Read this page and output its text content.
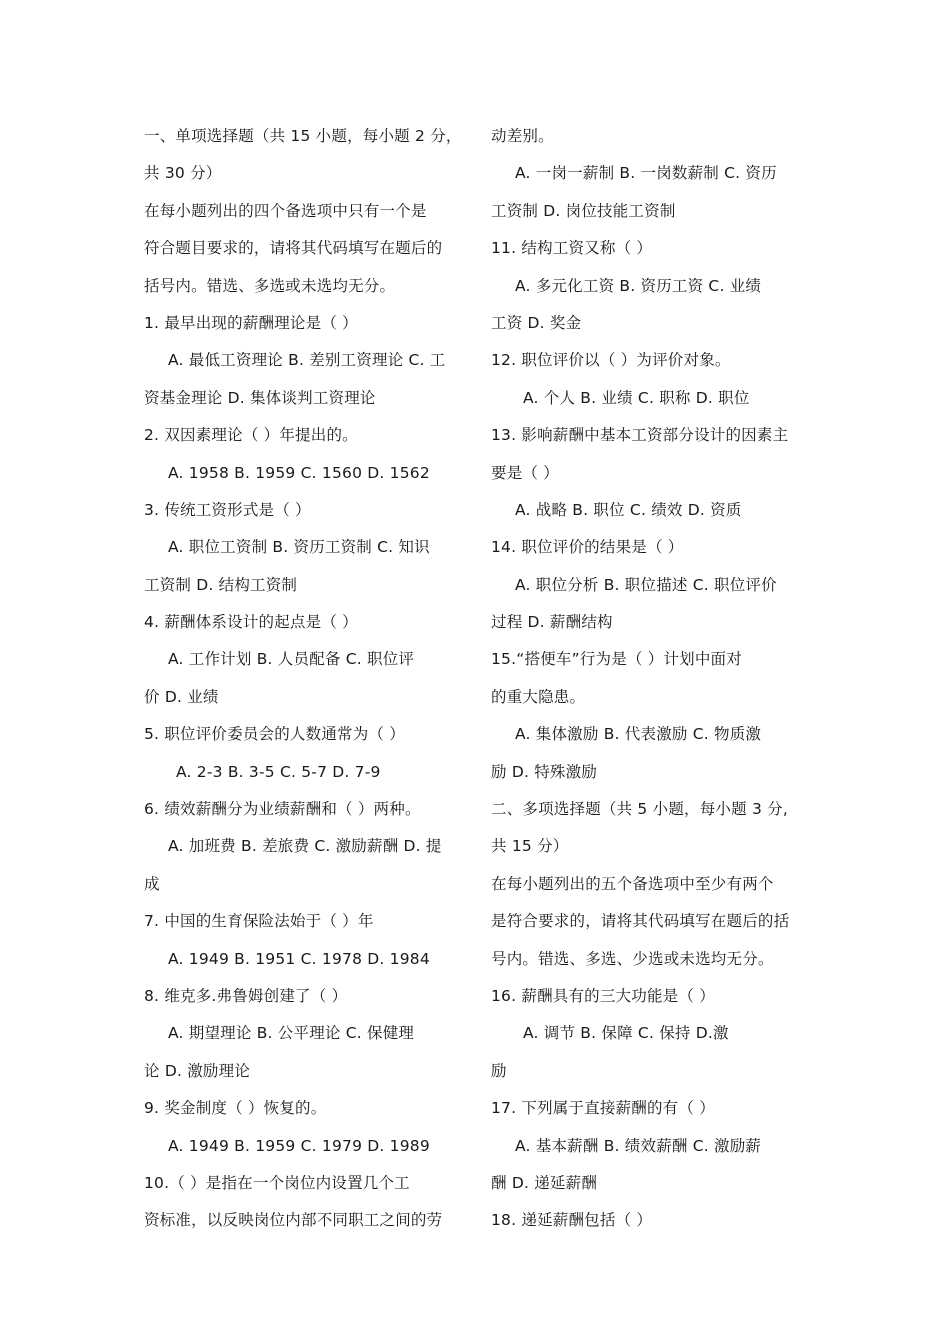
一、单项选择题（共 15 小题，每小题 2 分，
共 30 分）
在每小题列出的四个备选项中只有一个是
符合题目要求的，请将其代码填写在题后的
括号内。错选、多选或未选均无分。
1. 最早出现的薪酬理论是（ ）
A. 最低工资理论 B. 差别工资理论 C. 工
资基金理论 D. 集体谈判工资理论
2. 双因素理论（ ）年提出的。
A. 1958 B. 1959 C. 1560 D. 1562
3. 传统工资形式是（ ）
A. 职位工资制 B. 资历工资制 C. 知识
工资制 D. 结构工资制
4. 薪酬体系设计的起点是（ ）
A. 工作计划 B. 人员配备 C. 职位评
价 D. 业绩
5. 职位评价委员会的人数通常为（ ）
A. 2-3 B. 3-5 C. 5-7 D. 7-9
6. 绩效薪酬分为业绩薪酬和（ ）两种。
A. 加班费 B. 差旅费 C. 激励薪酬 D. 提
成
7. 中国的生育保险法始于（ ）年
A. 1949 B. 1951 C. 1978 D. 1984
8. 维克多.弗鲁姆创建了（ ）
A. 期望理论 B. 公平理论 C. 保健理
论 D. 激励理论
9. 奖金制度（ ）恢复的。
A. 1949 B. 1959 C. 1979 D. 1989
10.（ ）是指在一个岗位内设置几个工
资标准，以反映岗位内部不同职工之间的劳
动差别。
A. 一岗一薪制 B. 一岗数薪制 C. 资历
工资制 D. 岗位技能工资制
11. 结构工资又称（ ）
A. 多元化工资 B. 资历工资 C. 业绩
工资 D. 奖金
12. 职位评价以（ ）为评价对象。
A. 个人 B. 业绩 C. 职称 D. 职位
13. 影响薪酬中基本工资部分设计的因素主
要是（ ）
A. 战略 B. 职位 C. 绩效 D. 资质
14. 职位评价的结果是（ ）
A. 职位分析 B. 职位描述 C. 职位评价
过程 D. 薪酬结构
15.“搭便车”行为是（ ）计划中面对
的重大隐患。
A. 集体激励 B. 代表激励 C. 物质激
励 D. 特殊激励
二、多项选择题（共 5 小题，每小题 3 分,
共 15 分）
在每小题列出的五个备选项中至少有两个
是符合要求的，请将其代码填写在题后的括
号内。错选、多选、少选或未选均无分。
16. 薪酬具有的三大功能是（ ）
A. 调节 B. 保障 C. 保持 D.激
励
17. 下列属于直接薪酬的有（ ）
A. 基本薪酬 B. 绩效薪酬 C. 激励薪
酬 D. 递延薪酬
18. 递延薪酬包括（ ）
